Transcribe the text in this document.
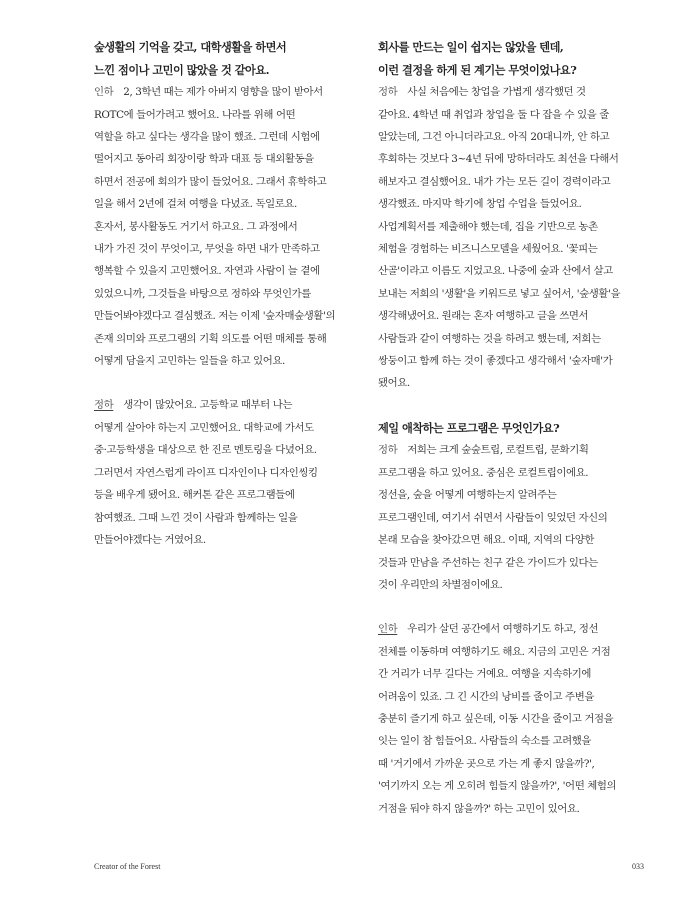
숲생활의 기억을 갖고, 대학생활을 하면서
느낀 점이나 고민이 많았을 것 같아요.
인하 2, 3학년 때는 제가 아버지 영향을 많이 받아서
ROTC에 들어가려고 했어요. 나라를 위해 어떤
역할을 하고 싶다는 생각을 많이 했죠. 그런데 시험에
떨어지고 동아리 회장이랑 학과 대표 등 대외활동을
하면서 전공에 회의가 많이 들었어요. 그래서 휴학하고
일을 해서 2년에 걸쳐 여행을 다녔죠. 독일로요.
혼자서, 봉사활동도 거기서 하고요. 그 과정에서
내가 가진 것이 무엇이고, 무엇을 하면 내가 만족하고
행복할 수 있을지 고민했어요. 자연과 사람이 늘 곁에
있었으니까, 그것들을 바탕으로 정하와 무엇인가를
만들어봐야겠다고 결심했죠. 저는 이제 '숲자매숲생활'의
존재 의미와 프로그램의 기획 의도를 어떤 매체를 통해
어떻게 담을지 고민하는 일들을 하고 있어요.
정하 생각이 많았어요. 고등학교 때부터 나는
어떻게 살아야 하는지 고민했어요. 대학교에 가서도
중·고등학생을 대상으로 한 진로 멘토링을 다녔어요.
그러면서 자연스럽게 라이프 디자인이나 디자인씽킹
등을 배우게 됐어요. 해커톤 같은 프로그램들에
참여했죠. 그때 느낀 것이 사람과 함께하는 일을
만들어야겠다는 거였어요.
회사를 만드는 일이 쉽지는 않았을 텐데,
이런 결정을 하게 된 계기는 무엇이었나요?
정하 사실 처음에는 창업을 가볍게 생각했던 것
같아요. 4학년 때 취업과 창업을 둘 다 잡을 수 있을 줄
알았는데, 그건 아니더라고요. 아직 20대니까, 안 하고
후회하는 것보다 3~4년 뒤에 망하더라도 최선을 다해서
해보자고 결심했어요. 내가 가는 모든 길이 경력이라고
생각했죠. 마지막 학기에 창업 수업을 들었어요.
사업계획서를 제출해야 했는데, 집을 기반으로 농촌
체험을 경험하는 비즈니스모델을 세웠어요. '꽃피는
산골'이라고 이름도 지었고요. 나중에 숲과 산에서 살고
보내는 저희의 '생활'을 키워드로 넣고 싶어서, '숲생활'을
생각해냈어요. 원래는 혼자 여행하고 글을 쓰면서
사람들과 같이 여행하는 것을 하려고 했는데, 저희는
쌍둥이고 함께 하는 것이 좋겠다고 생각해서 '숲자매'가
됐어요.
제일 애착하는 프로그램은 무엇인가요?
정하 저희는 크게 숲숲트립, 로컬트립, 문화기획
프로그램을 하고 있어요. 중심은 로컬트립이에요.
정선을, 숲을 어떻게 여행하는지 알려주는
프로그램인데, 여기서 쉬면서 사람들이 잊었던 자신의
본래 모습을 찾아갔으면 해요. 이때, 지역의 다양한
것들과 만남을 주선하는 친구 같은 가이드가 있다는
것이 우리만의 차별점이에요.
인하 우리가 살던 공간에서 여행하기도 하고, 정선
전체를 이동하며 여행하기도 해요. 지금의 고민은 거점
간 거리가 너무 길다는 거예요. 여행을 지속하기에
어려움이 있죠. 그 긴 시간의 낭비를 줄이고 주변을
충분히 즐기게 하고 싶은데, 이동 시간을 줄이고 거점을
잇는 일이 참 힘들어요. 사람들의 숙소를 고려했을
때 '거기에서 가까운 곳으로 가는 게 좋지 않을까?',
'여기까지 오는 게 오히려 힘들지 않을까?', '어떤 체험의
거점을 둬야 하지 않을까?' 하는 고민이 있어요.
Creator of the Forest	033
